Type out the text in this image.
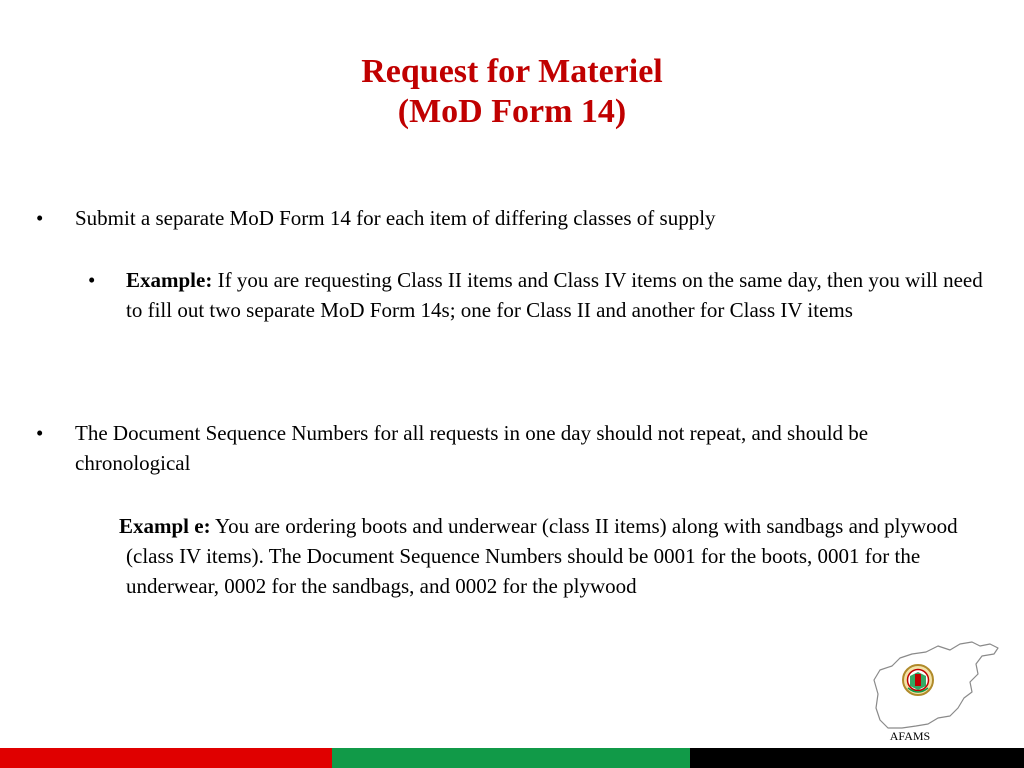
Request for Materiel
(MoD Form 14)
• Submit a separate MoD Form 14 for each item of differing classes of supply
• Example: If you are requesting Class II items and Class IV items on the same day, then you will need to fill out two separate MoD Form 14s; one for Class II and another for Class IV items
• The Document Sequence Numbers for all requests in one day should not repeat, and should be chronological
Exampl e: You are ordering boots and underwear (class II items) along with sandbags and plywood (class IV items). The Document Sequence Numbers should be 0001 for the boots, 0001 for the underwear, 0002 for the sandbags, and 0002 for the plywood
AFAMS
